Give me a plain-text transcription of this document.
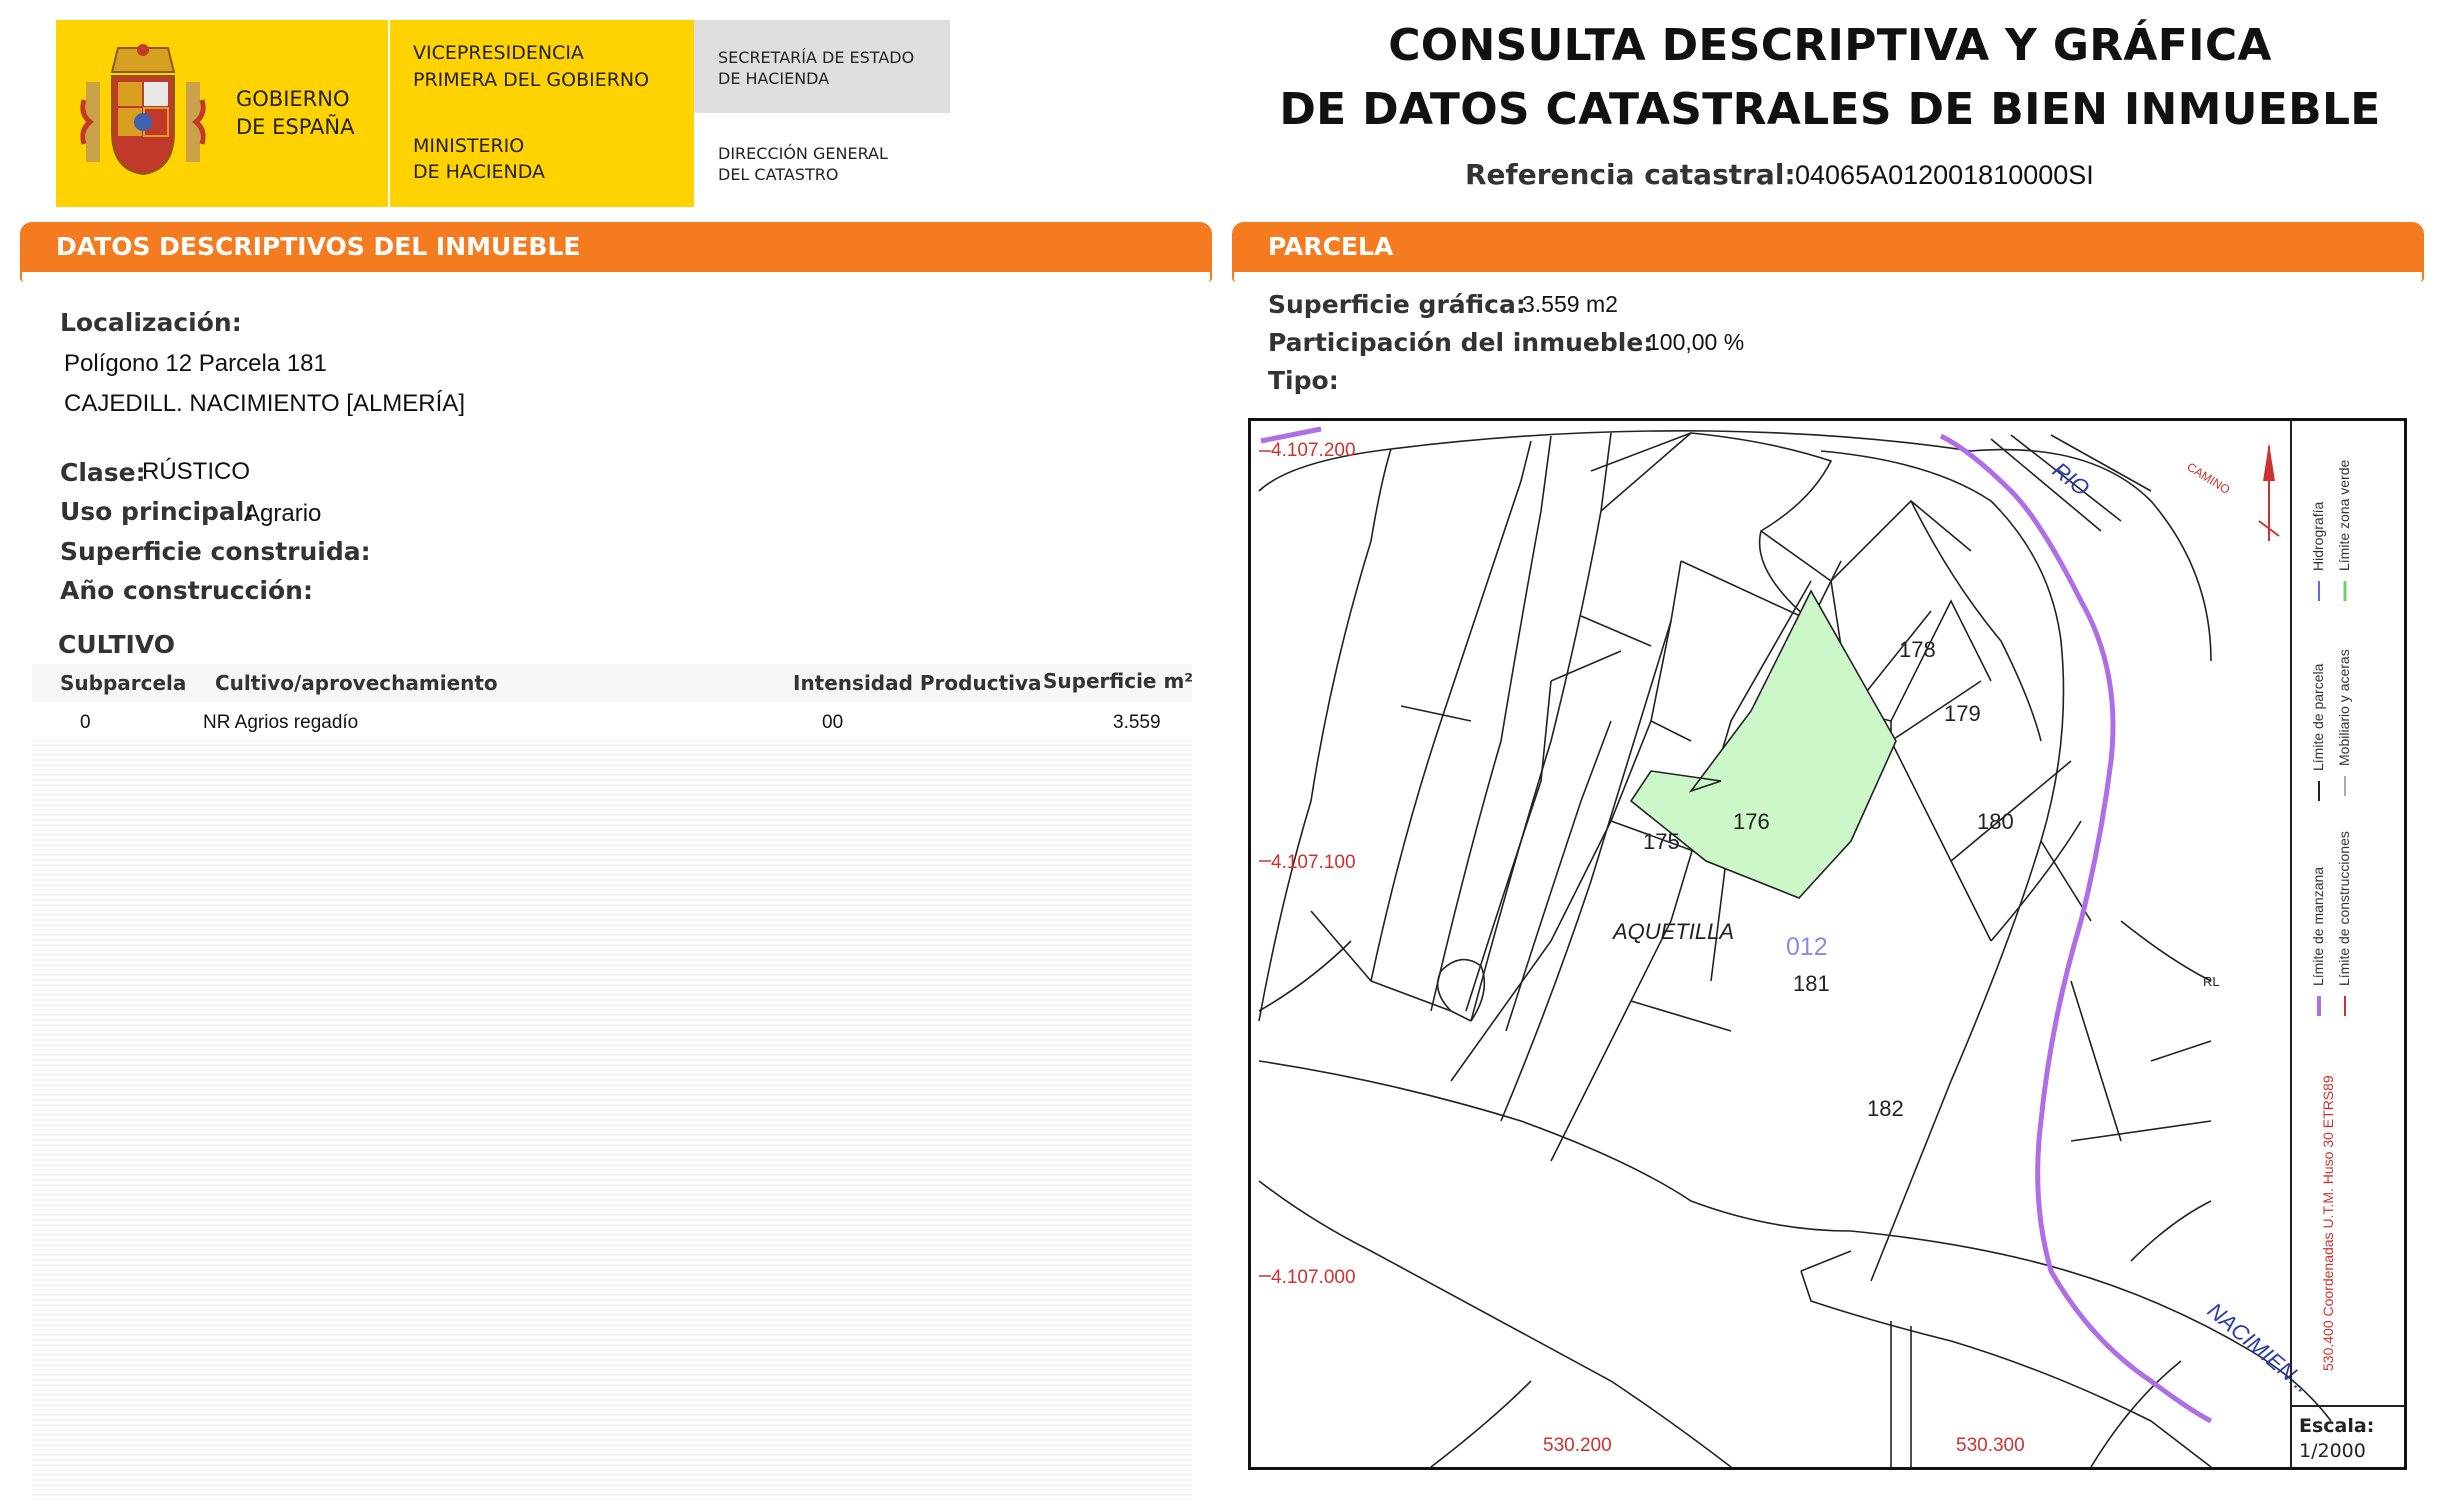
GOBIERNO
DE ESPAÑA
VICEPRESIDENCIA
PRIMERA DEL GOBIERNO
MINISTERIO
DE HACIENDA
SECRETARÍA DE ESTADO
DE HACIENDA
DIRECCIÓN GENERAL
DEL CATASTRO
CONSULTA DESCRIPTIVA Y GRÁFICA
DE DATOS CATASTRALES DE BIEN INMUEBLE
Referencia catastral: 04065A012001810000SI
DATOS DESCRIPTIVOS DEL INMUEBLE
Localización:
Polígono 12 Parcela 181
CAJEDILL. NACIMIENTO [ALMERÍA]
Clase:
RÚSTICO
Uso principal:
Agrario
Superficie construida:
Año construcción:
CULTIVO
Subparcela Cultivo/aprovechamiento	Intensidad Productiva Superficie m²
0	NR Agrios regadío	00	3.559
PARCELA
Superficie gráfica:
3.559 m2
Participación del inmueble:
100,00 %
Tipo:
4.107.200
4.107.100
4.107.000
530.200	530.300
178
179
180
175
176
181
182
012
AQUETILLA
RIO	CAMINO
RL
NACIMIEN...
Límite de manzana
Límite de parcela
Hidrografía
Límite de construcciones
Mobiliario y aceras
Límite zona verde
530.400 Coordenadas U.T.M. Huso 30 ETRS89
Escala:
1/2000
